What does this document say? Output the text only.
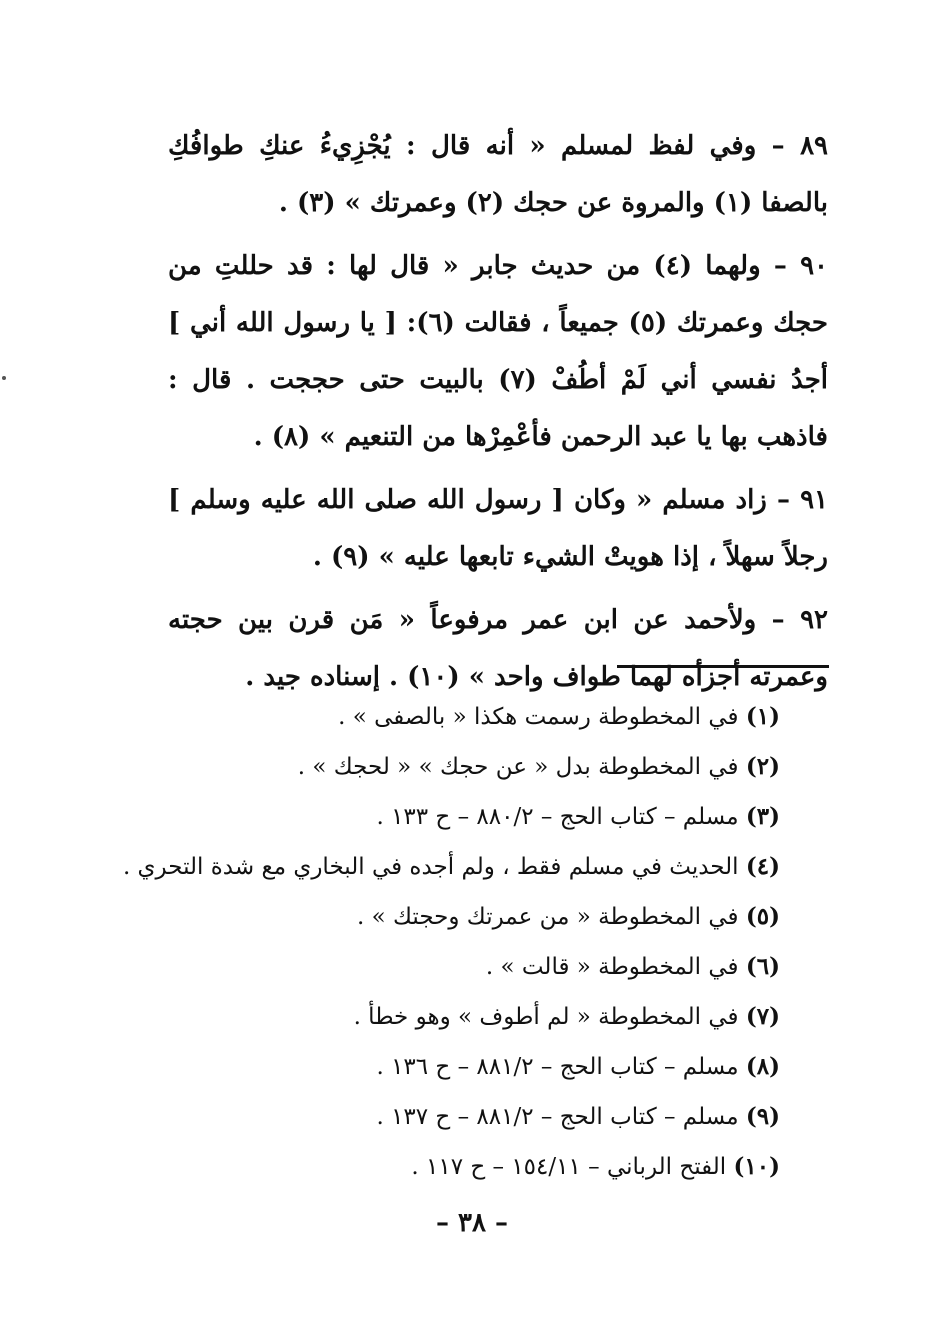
٨٩ – وفي لفظ لمسلم « أنه قال : يُجْزِيءُ عنكِ طوافُكِ بالصفا (١) والمروة عن حجك (٢) وعمرتك » (٣) .

٩٠ – ولهما (٤) من حديث جابر « قال لها : قد حللتِ من حجك وعمرتك (٥) جميعاً ، فقالت (٦): [ يا رسول الله أني ] أجدُ نفسي أني لَمْ أطُفْ (٧) بالبيت حتى حججت . قال : فاذهب بها يا عبد الرحمن فأعْمِرْها من التنعيم » (٨) .

٩١ – زاد مسلم « وكان [ رسول الله صلى الله عليه وسلم ] رجلاً سهلاً ، إذا هويتْ الشيء تابعها عليه » (٩) .

٩٢ – ولأحمد عن ابن عمر مرفوعاً « مَن قرن بين حجته وعمرته أجزأه لهما طواف واحد » (١٠) . إسناده جيد .

(١) في المخطوطة رسمت هكذا « بالصفى » .
(٢) في المخطوطة بدل « عن حجك » « لحجك » .
(٣) مسلم – كتاب الحج – ٨٨٠/٢ – ح ١٣٣ .
(٤) الحديث في مسلم فقط ، ولم أجده في البخاري مع شدة التحري .
(٥) في المخطوطة « من عمرتك وحجتك » .
(٦) في المخطوطة « قالت » .
(٧) في المخطوطة « لم أطوف » وهو خطأ .
(٨) مسلم – كتاب الحج – ٨٨١/٢ – ح ١٣٦ .
(٩) مسلم – كتاب الحج – ٨٨١/٢ – ح ١٣٧ .
(١٠) الفتح الرباني – ١٥٤/١١ – ح ١١٧ .
– ٣٨ –
